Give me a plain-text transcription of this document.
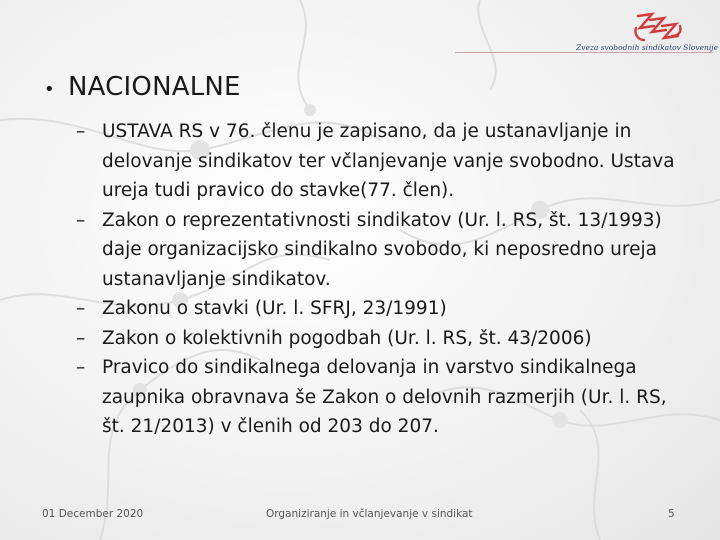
Zveza svobodnih sindikatov Slovenije
• NACIONALNE
– USTAVA RS v 76. členu je zapisano, da je ustanavljanje in delovanje sindikatov ter včlanjevanje vanje svobodno. Ustava ureja tudi pravico do stavke(77. člen).
– Zakon o reprezentativnosti sindikatov (Ur. l. RS, št. 13/1993) daje organizacijsko sindikalno svobodo, ki neposredno ureja ustanavljanje sindikatov.
– Zakonu o stavki (Ur. l. SFRJ, 23/1991)
– Zakon o kolektivnih pogodbah (Ur. l. RS, št. 43/2006)
– Pravico do sindikalnega delovanja in varstvo sindikalnega zaupnika obravnava še Zakon o delovnih razmerjih (Ur. l. RS, št. 21/2013) v členih od 203 do 207.
01 December 2020	Organiziranje in včlanjevanje v sindikat	5
